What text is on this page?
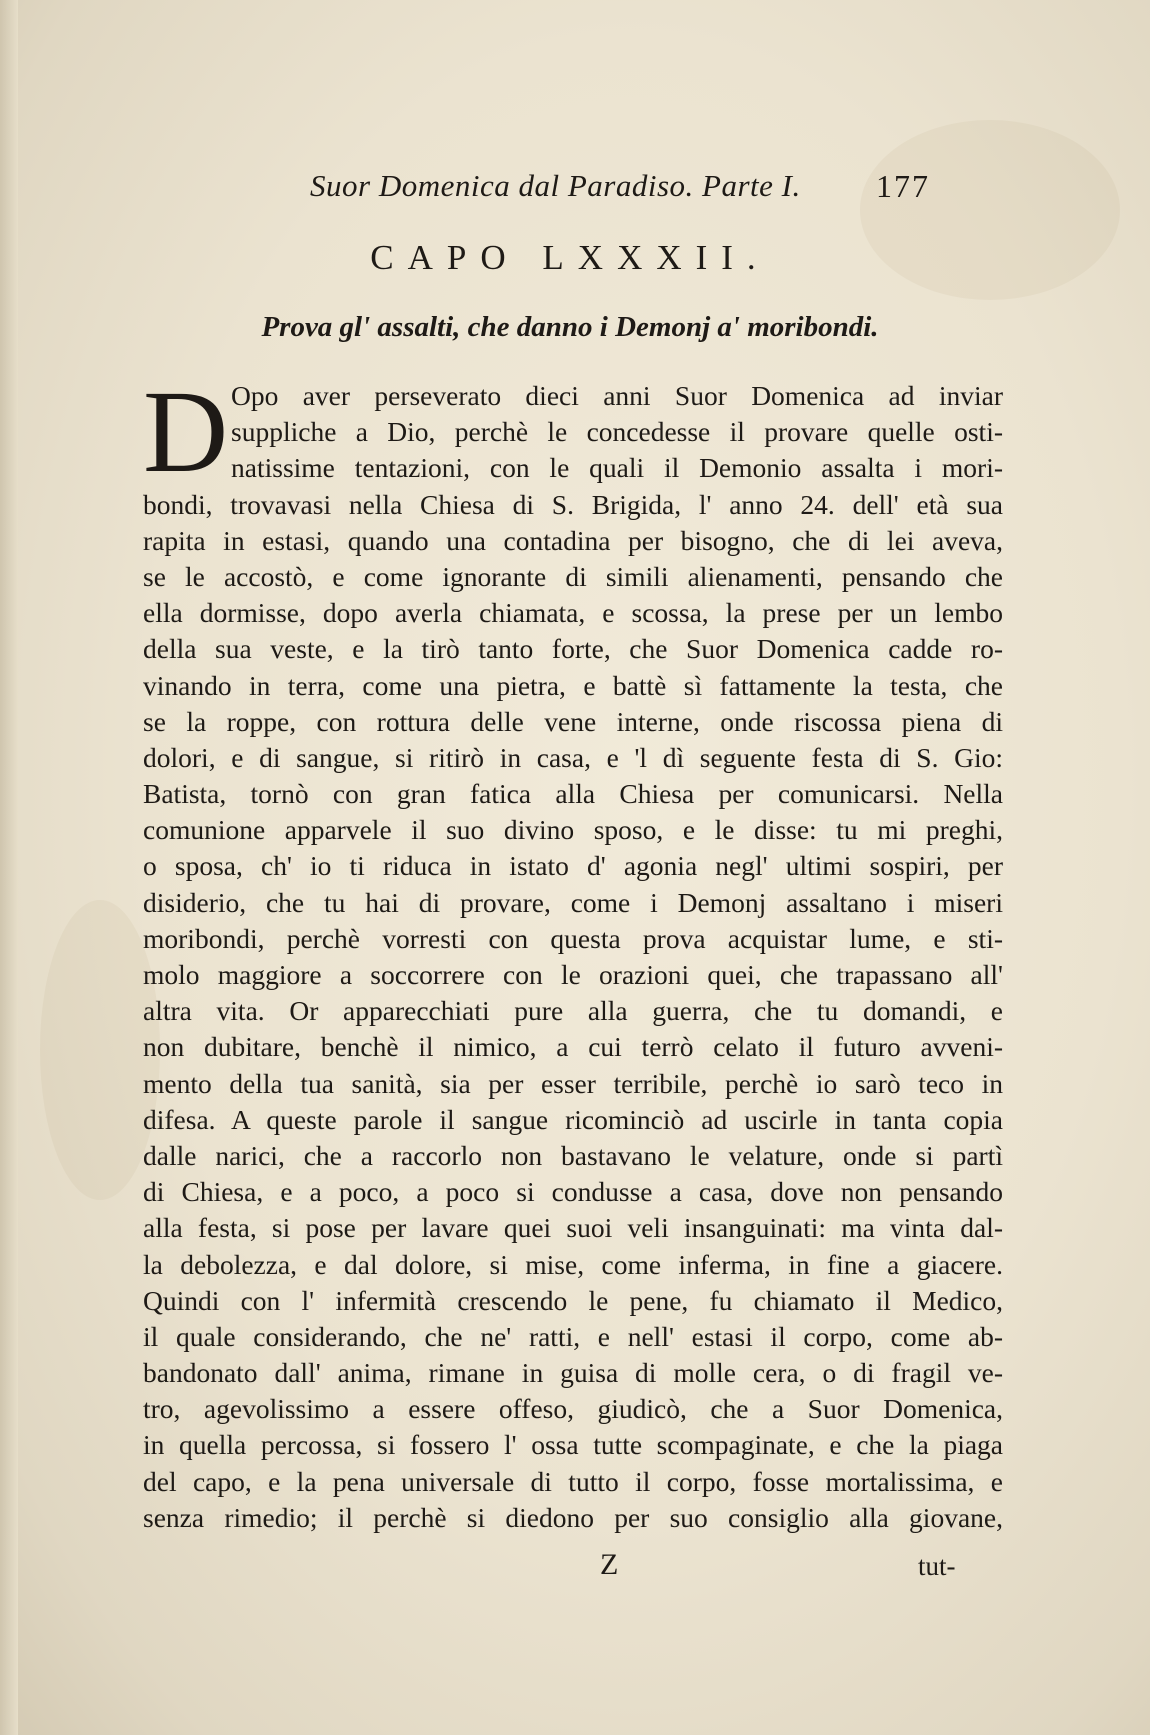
Suor Domenica dal Paradiso. Parte I. 177
CAPO LXXXII.
Prova gl' assalti, che danno i Demonj a' moribondi.
D Opo aver perseverato dieci anni Suor Domenica ad inviar
suppliche a Dio, perchè le concedesse il provare quelle osti-
natissime tentazioni, con le quali il Demonio assalta i mori-
bondi, trovavasi nella Chiesa di S. Brigida, l' anno 24. dell' età sua
rapita in estasi, quando una contadina per bisogno, che di lei aveva,
se le accostò, e come ignorante di simili alienamenti, pensando che
ella dormisse, dopo averla chiamata, e scossa, la prese per un lembo
della sua veste, e la tirò tanto forte, che Suor Domenica cadde ro-
vinando in terra, come una pietra, e battè sì fattamente la testa, che
se la roppe, con rottura delle vene interne, onde riscossa piena di
dolori, e di sangue, si ritirò in casa, e 'l dì seguente festa di S. Gio:
Batista, tornò con gran fatica alla Chiesa per comunicarsi. Nella
comunione apparvele il suo divino sposo, e le disse: tu mi preghi,
o sposa, ch' io ti riduca in istato d' agonia negl' ultimi sospiri, per
disiderio, che tu hai di provare, come i Demonj assaltano i miseri
moribondi, perchè vorresti con questa prova acquistar lume, e sti-
molo maggiore a soccorrere con le orazioni quei, che trapassano all'
altra vita. Or apparecchiati pure alla guerra, che tu domandi, e
non dubitare, benchè il nimico, a cui terrò celato il futuro avveni-
mento della tua sanità, sia per esser terribile, perchè io sarò teco in
difesa. A queste parole il sangue ricominciò ad uscirle in tanta copia
dalle narici, che a raccorlo non bastavano le velature, onde si partì
di Chiesa, e a poco, a poco si condusse a casa, dove non pensando
alla festa, si pose per lavare quei suoi veli insanguinati: ma vinta dal-
la debolezza, e dal dolore, si mise, come inferma, in fine a giacere.
Quindi con l' infermità crescendo le pene, fu chiamato il Medico,
il quale considerando, che ne' ratti, e nell' estasi il corpo, come ab-
bandonato dall' anima, rimane in guisa di molle cera, o di fragil ve-
tro, agevolissimo a essere offeso, giudicò, che a Suor Domenica,
in quella percossa, si fossero l' ossa tutte scompaginate, e che la piaga
del capo, e la pena universale di tutto il corpo, fosse mortalissima, e
senza rimedio; il perchè si diedono per suo consiglio alla giovane,
Z	tut-
